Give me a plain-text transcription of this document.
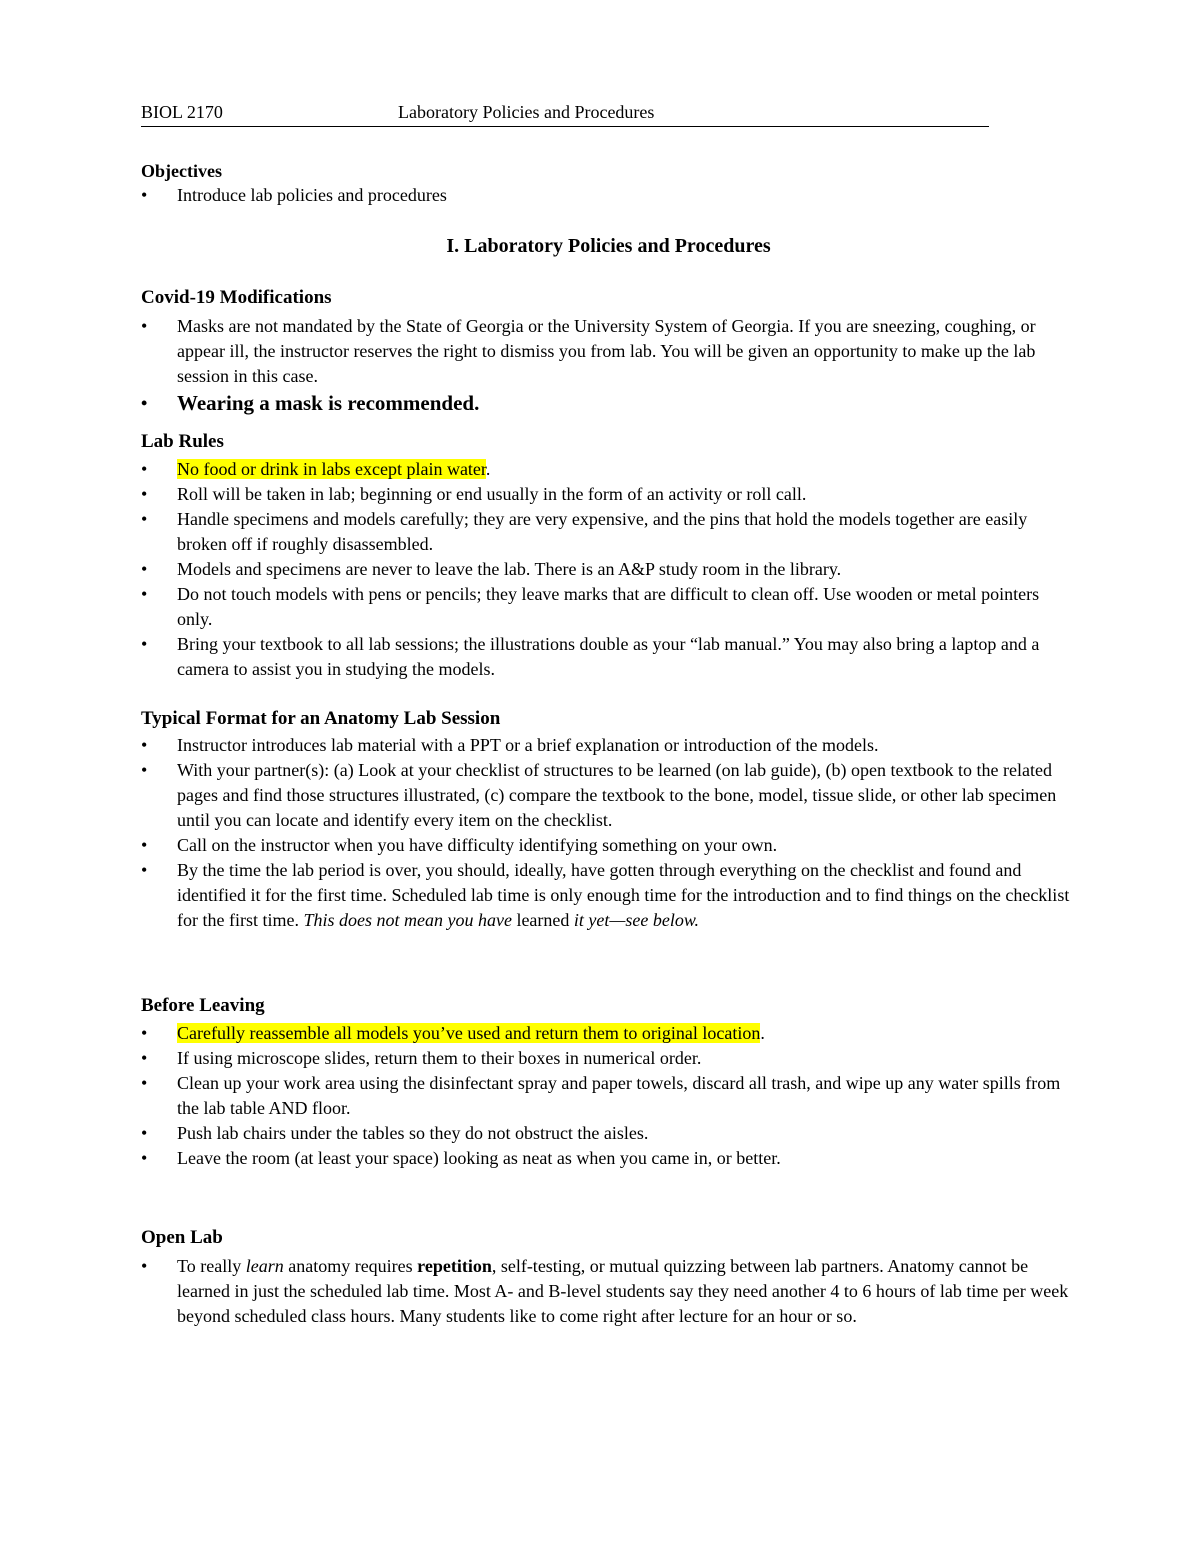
BIOL 2170	Laboratory Policies and Procedures
Objectives
• Introduce lab policies and procedures
I. Laboratory Policies and Procedures
Covid-19 Modifications
• Masks are not mandated by the State of Georgia or the University System of Georgia. If you are sneezing, coughing, or appear ill, the instructor reserves the right to dismiss you from lab. You will be given an opportunity to make up the lab session in this case.
• Wearing a mask is recommended.
Lab Rules
• No food or drink in labs except plain water.
• Roll will be taken in lab; beginning or end usually in the form of an activity or roll call.
• Handle specimens and models carefully; they are very expensive, and the pins that hold the models together are easily broken off if roughly disassembled.
• Models and specimens are never to leave the lab. There is an A&P study room in the library.
• Do not touch models with pens or pencils; they leave marks that are difficult to clean off. Use wooden or metal pointers only.
• Bring your textbook to all lab sessions; the illustrations double as your “lab manual.” You may also bring a laptop and a camera to assist you in studying the models.
Typical Format for an Anatomy Lab Session
• Instructor introduces lab material with a PPT or a brief explanation or introduction of the models.
• With your partner(s): (a) Look at your checklist of structures to be learned (on lab guide), (b) open textbook to the related pages and find those structures illustrated, (c) compare the textbook to the bone, model, tissue slide, or other lab specimen until you can locate and identify every item on the checklist.
• Call on the instructor when you have difficulty identifying something on your own.
• By the time the lab period is over, you should, ideally, have gotten through everything on the checklist and found and identified it for the first time. Scheduled lab time is only enough time for the introduction and to find things on the checklist for the first time. This does not mean you have learned it yet—see below.
Before Leaving
• Carefully reassemble all models you’ve used and return them to original location.
• If using microscope slides, return them to their boxes in numerical order.
• Clean up your work area using the disinfectant spray and paper towels, discard all trash, and wipe up any water spills from the lab table AND floor.
• Push lab chairs under the tables so they do not obstruct the aisles.
• Leave the room (at least your space) looking as neat as when you came in, or better.
Open Lab
• To really learn anatomy requires repetition, self-testing, or mutual quizzing between lab partners. Anatomy cannot be learned in just the scheduled lab time. Most A- and B-level students say they need another 4 to 6 hours of lab time per week beyond scheduled class hours. Many students like to come right after lecture for an hour or so.
